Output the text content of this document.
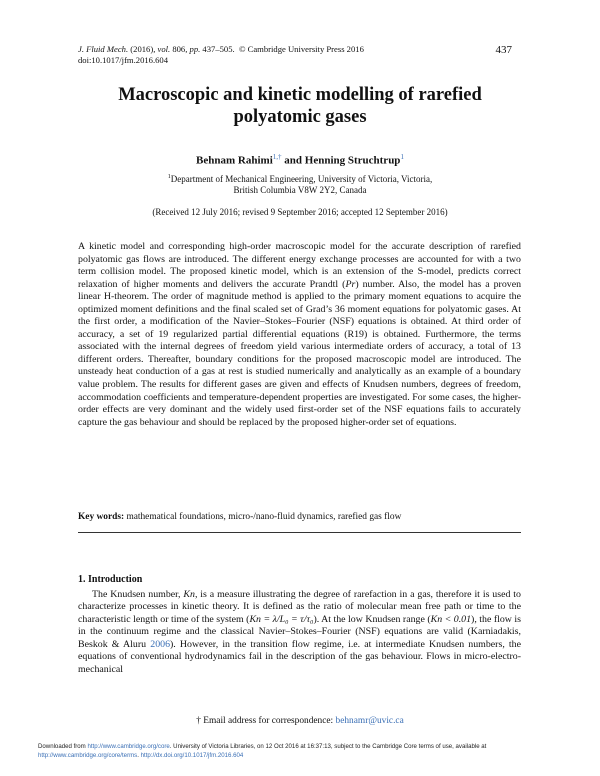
J. Fluid Mech. (2016), vol. 806, pp. 437–505. © Cambridge University Press 2016
doi:10.1017/jfm.2016.604
437
Macroscopic and kinetic modelling of rarefied
polyatomic gases
Behnam Rahimi$^{1,\dagger}$ and Henning Struchtrup$^1$
$^1$Department of Mechanical Engineering, University of Victoria, Victoria,
British Columbia V8W 2Y2, Canada
(Received 12 July 2016; revised 9 September 2016; accepted 12 September 2016)
A kinetic model and corresponding high-order macroscopic model for the accurate description of rarefied polyatomic gas flows are introduced. The different energy exchange processes are accounted for with a two term collision model. The proposed kinetic model, which is an extension of the S-model, predicts correct relaxation of higher moments and delivers the accurate Prandtl (Pr) number. Also, the model has a proven linear H-theorem. The order of magnitude method is applied to the primary moment equations to acquire the optimized moment definitions and the final scaled set of Grad’s 36 moment equations for polyatomic gases. At the first order, a modification of the Navier–Stokes–Fourier (NSF) equations is obtained. At third order of accuracy, a set of 19 regularized partial differential equations (R19) is obtained. Furthermore, the terms associated with the internal degrees of freedom yield various intermediate orders of accuracy, a total of 13 different orders. Thereafter, boundary conditions for the proposed macroscopic model are introduced. The unsteady heat conduction of a gas at rest is studied numerically and analytically as an example of a boundary value problem. The results for different gases are given and effects of Knudsen numbers, degrees of freedom, accommodation coefficients and temperature-dependent properties are investigated. For some cases, the higher-order effects are very dominant and the widely used first-order set of the NSF equations fails to accurately capture the gas behaviour and should be replaced by the proposed higher-order set of equations.
Key words: mathematical foundations, micro-/nano-fluid dynamics, rarefied gas flow
1. Introduction
The Knudsen number, Kn, is a measure illustrating the degree of rarefaction in a gas, therefore it is used to characterize processes in kinetic theory. It is defined as the ratio of molecular mean free path or time to the characteristic length or time of the system (Kn = λ/L₀ = τ/τ₀). At the low Knudsen range (Kn < 0.01), the flow is in the continuum regime and the classical Navier–Stokes–Fourier (NSF) equations are valid (Karniadakis, Beskok & Aluru 2006). However, in the transition flow regime, i.e. at intermediate Knudsen numbers, the equations of conventional hydrodynamics fail in the description of the gas behaviour. Flows in micro-electro-mechanical
† Email address for correspondence: behnamr@uvic.ca
Downloaded from http://www.cambridge.org/core. University of Victoria Libraries, on 12 Oct 2016 at 16:37:13, subject to the Cambridge Core terms of use, available at
http://www.cambridge.org/core/terms. http://dx.doi.org/10.1017/jfm.2016.604
